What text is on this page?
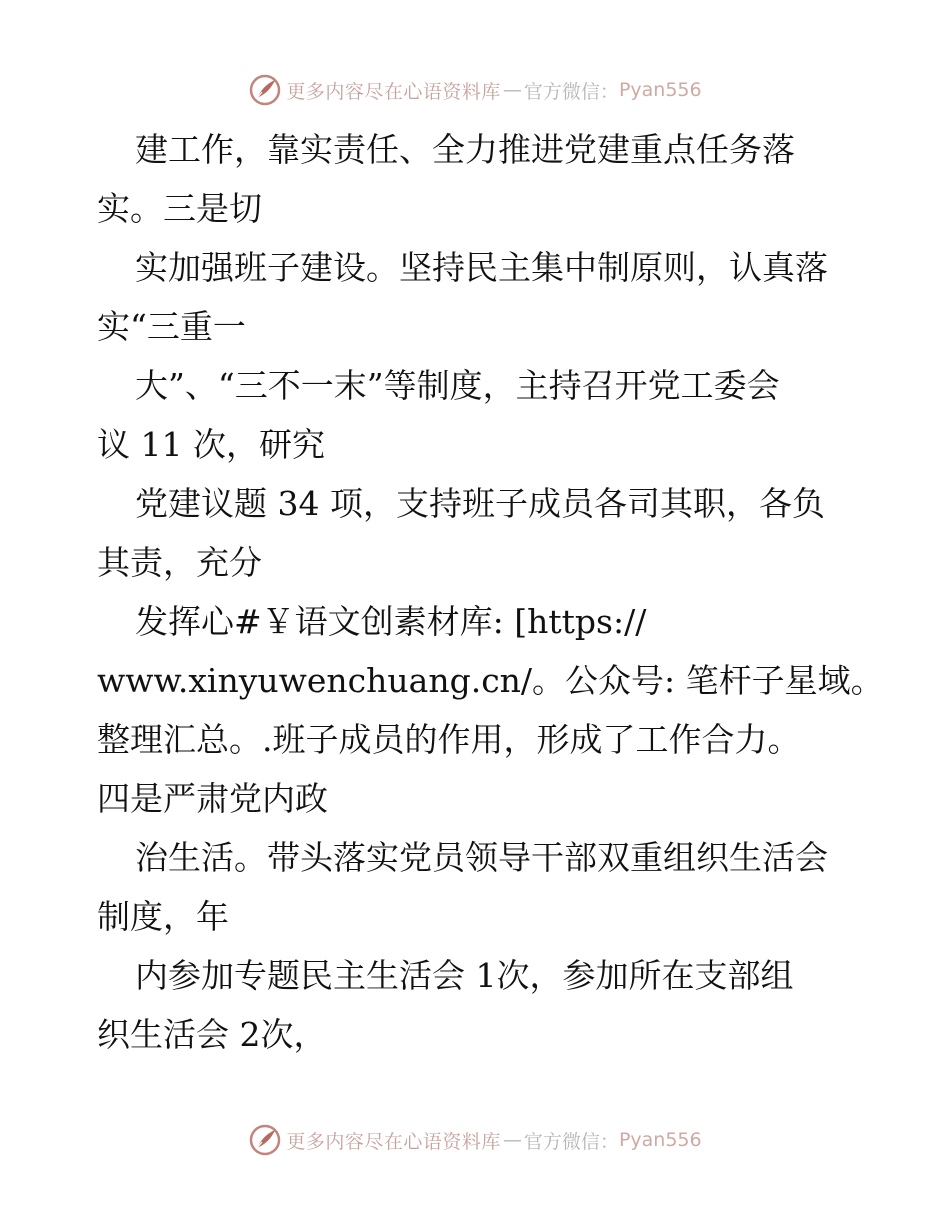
更多内容尽在心语资料库 — 官方微信： Pyan556
建工作，靠实责任、全力推进党建重点任务落
实。三是切
实加强班子建设。坚持民主集中制原则，认真落
实“三重一
大”、“三不一末”等制度，主持召开党工委会
议 11 次，研究
党建议题 34 项，支持班子成员各司其职，各负
其责，充分
发挥心#￥语文创素材库: [https://
www.xinyuwenchuang.cn/。公众号: 笔杆子星域。
整理汇总。.班子成员的作用，形成了工作合力。
四是严肃党内政
治生活。带头落实党员领导干部双重组织生活会
制度，年
内参加专题民主生活会 1次，参加所在支部组
织生活会 2次，
更多内容尽在心语资料库 — 官方微信： Pyan556
